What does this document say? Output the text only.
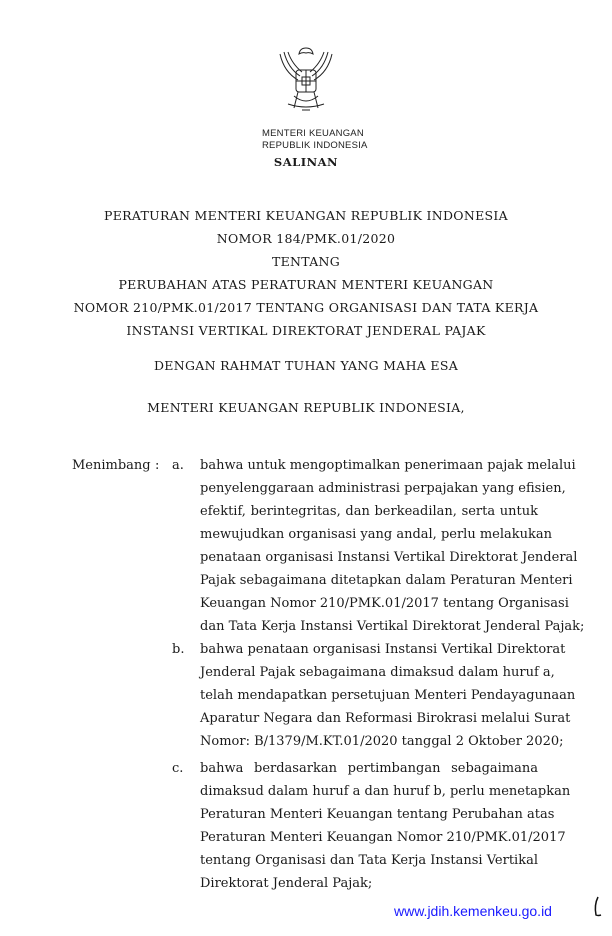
MENTERI KEUANGAN
REPUBLIK INDONESIA
SALINAN
PERATURAN MENTERI KEUANGAN REPUBLIK INDONESIA
NOMOR 184/PMK.01/2020
TENTANG
PERUBAHAN ATAS PERATURAN MENTERI KEUANGAN
NOMOR 210/PMK.01/2017 TENTANG ORGANISASI DAN TATA KERJA
INSTANSI VERTIKAL DIREKTORAT JENDERAL PAJAK
DENGAN RAHMAT TUHAN YANG MAHA ESA
MENTERI KEUANGAN REPUBLIK INDONESIA,
Menimbang : a. bahwa untuk mengoptimalkan penerimaan pajak melalui
penyelenggaraan administrasi perpajakan yang efisien,
efektif, berintegritas, dan berkeadilan, serta untuk
mewujudkan organisasi yang andal, perlu melakukan
penataan organisasi Instansi Vertikal Direktorat Jenderal
Pajak sebagaimana ditetapkan dalam Peraturan Menteri
Keuangan Nomor 210/PMK.01/2017 tentang Organisasi
dan Tata Kerja Instansi Vertikal Direktorat Jenderal Pajak;
b. bahwa penataan organisasi Instansi Vertikal Direktorat
Jenderal Pajak sebagaimana dimaksud dalam huruf a,
telah mendapatkan persetujuan Menteri Pendayagunaan
Aparatur Negara dan Reformasi Birokrasi melalui Surat
Nomor: B/1379/M.KT.01/2020 tanggal 2 Oktober 2020;
c. bahwa berdasarkan pertimbangan sebagaimana
dimaksud dalam huruf a dan huruf b, perlu menetapkan
Peraturan Menteri Keuangan tentang Perubahan atas
Peraturan Menteri Keuangan Nomor 210/PMK.01/2017
tentang Organisasi dan Tata Kerja Instansi Vertikal
Direktorat Jenderal Pajak;
www.jdih.kemenkeu.go.id
